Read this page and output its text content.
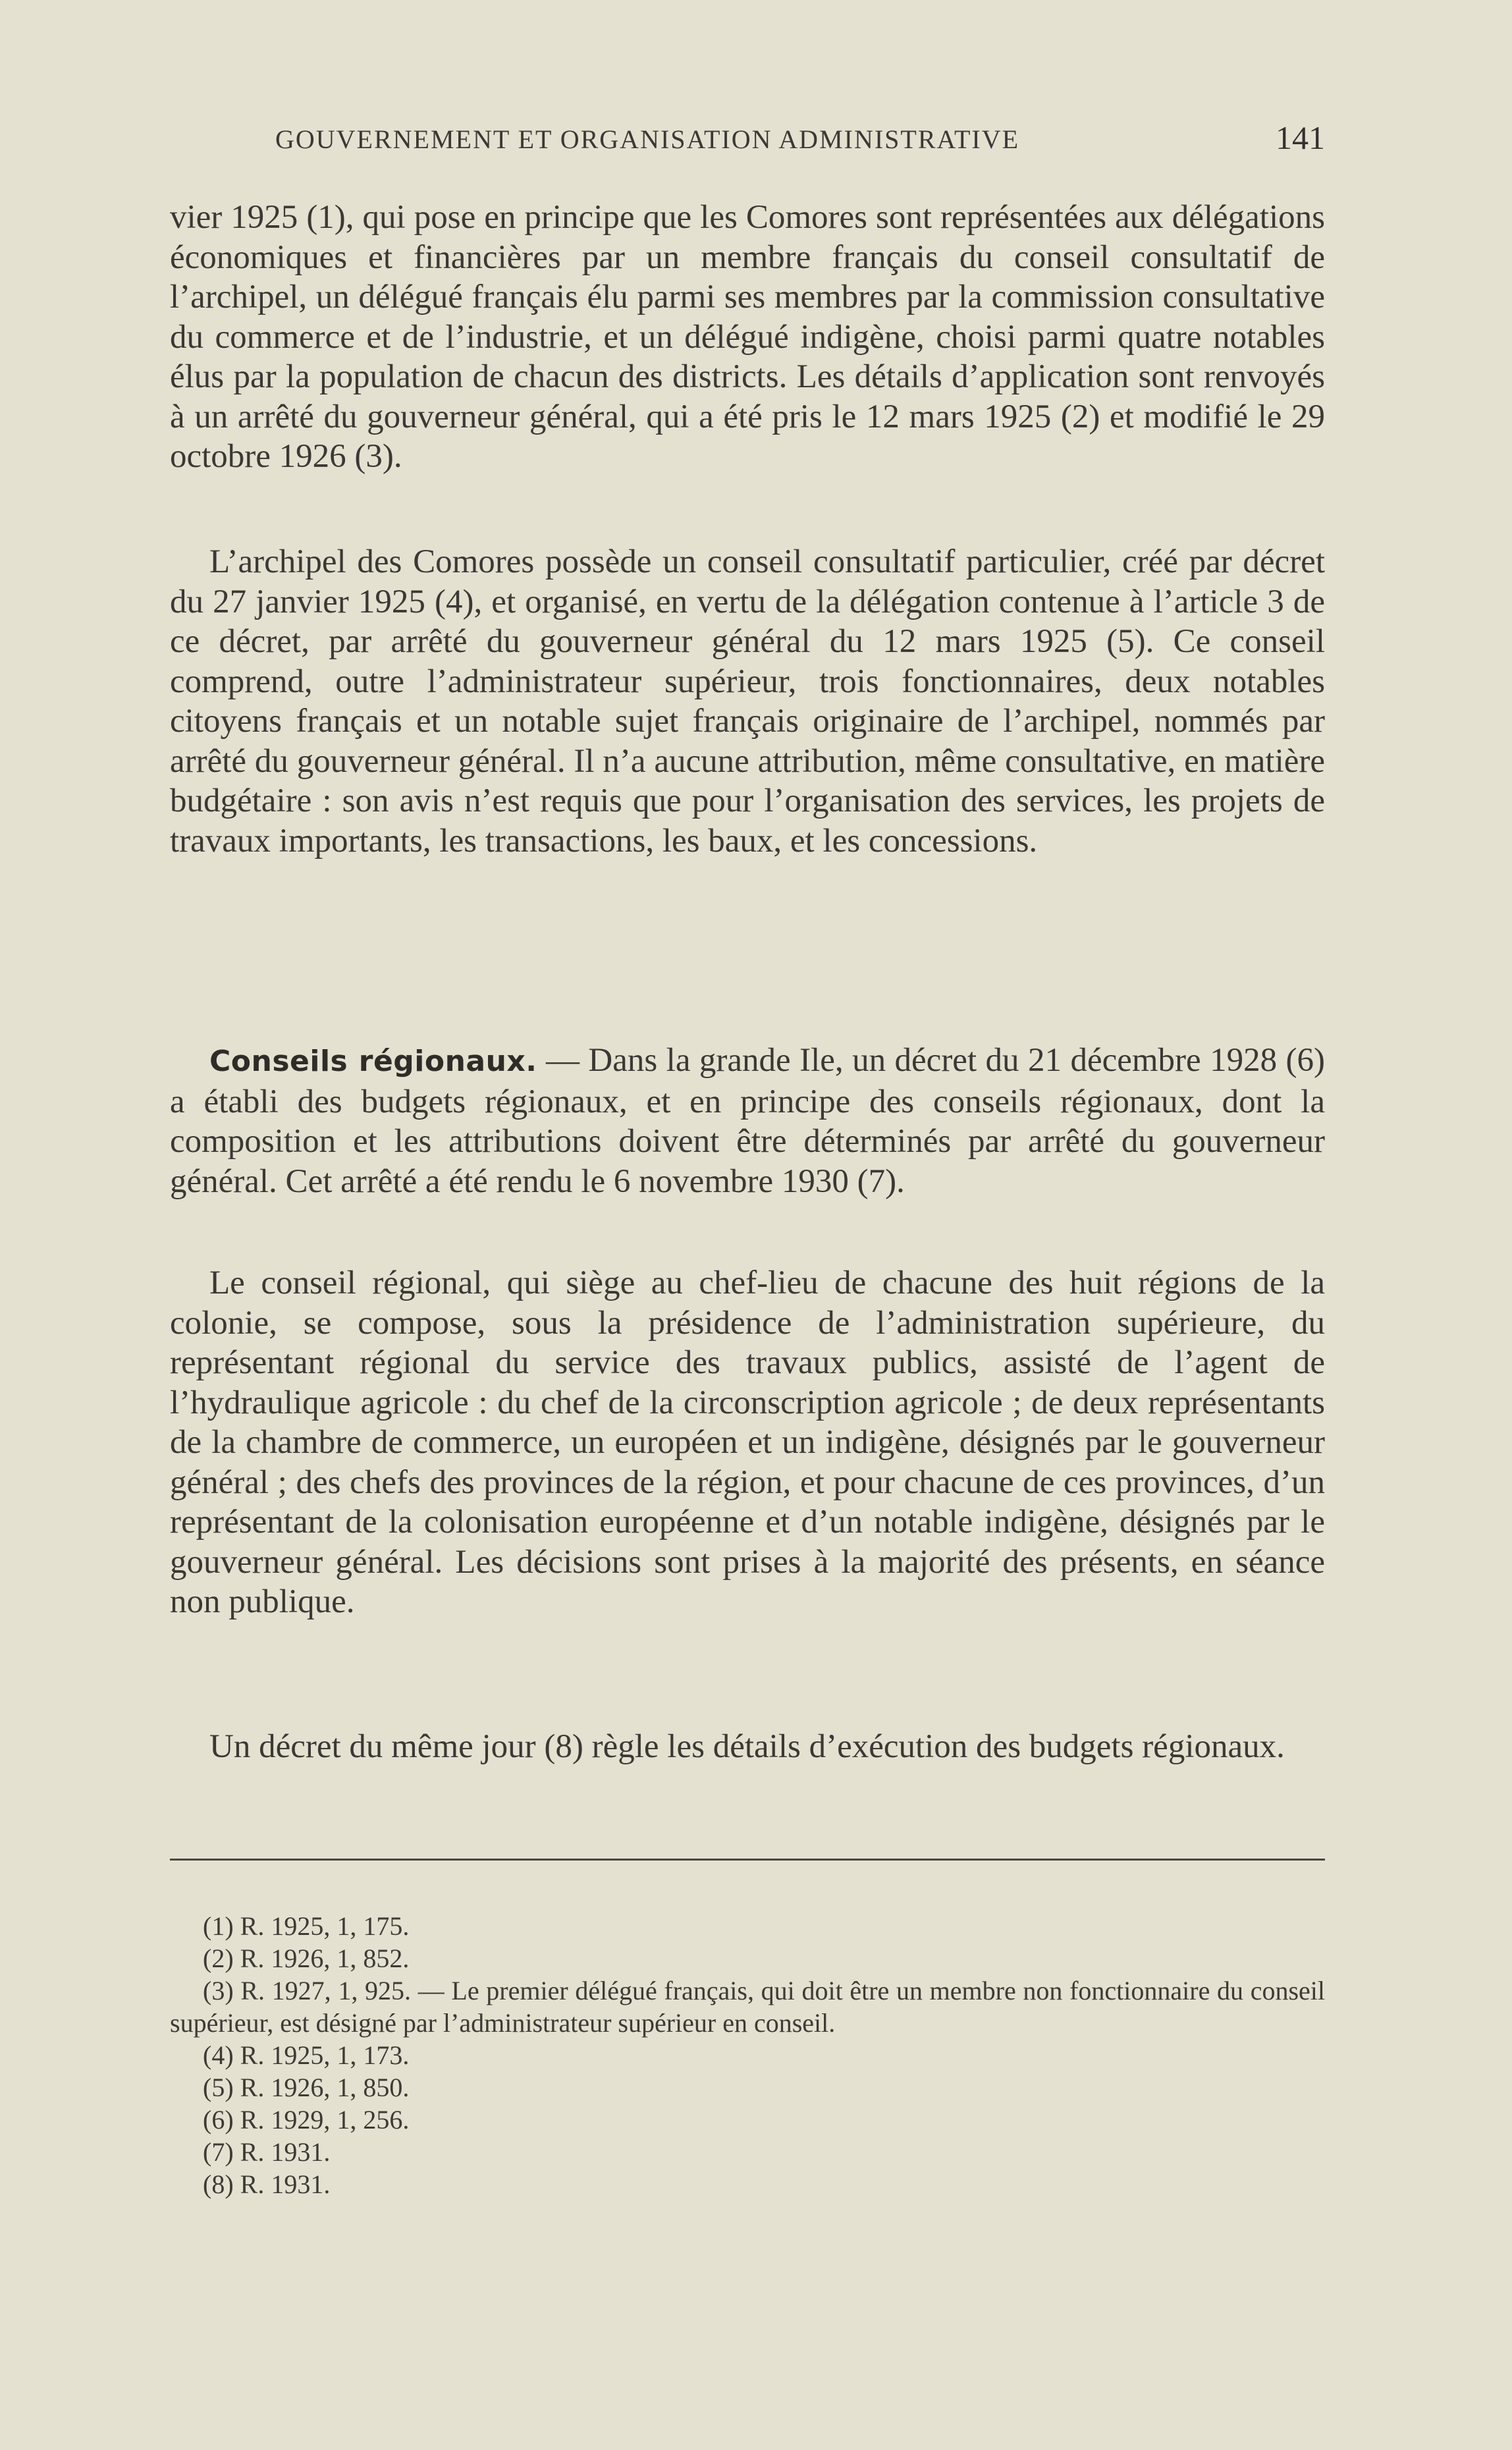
GOUVERNEMENT ET ORGANISATION ADMINISTRATIVE	141

vier 1925 (1), qui pose en principe que les Comores sont représentées aux délégations économiques et financières par un membre français du conseil consultatif de l’archipel, un délégué français élu parmi ses membres par la commission consultative du commerce et de l’industrie, et un délégué indigène, choisi parmi quatre notables élus par la population de chacun des districts. Les détails d’application sont renvoyés à un arrêté du gouverneur général, qui a été pris le 12 mars 1925 (2) et modifié le 29 octobre 1926 (3).

L’archipel des Comores possède un conseil consultatif particulier, créé par décret du 27 janvier 1925 (4), et organisé, en vertu de la délégation contenue à l’article 3 de ce décret, par arrêté du gouverneur général du 12 mars 1925 (5). Ce conseil comprend, outre l’administrateur supérieur, trois fonctionnaires, deux notables citoyens français et un notable sujet français originaire de l’archipel, nommés par arrêté du gouverneur général. Il n’a aucune attribution, même consultative, en matière budgétaire : son avis n’est requis que pour l’organisation des services, les projets de travaux importants, les transactions, les baux, et les concessions.

Conseils régionaux. — Dans la grande Ile, un décret du 21 décembre 1928 (6) a établi des budgets régionaux, et en principe des conseils régionaux, dont la composition et les attributions doivent être déterminés par arrêté du gouverneur général. Cet arrêté a été rendu le 6 novembre 1930 (7).

Le conseil régional, qui siège au chef-lieu de chacune des huit régions de la colonie, se compose, sous la présidence de l’administration supérieure, du représentant régional du service des travaux publics, assisté de l’agent de l’hydraulique agricole : du chef de la circonscription agricole ; de deux représentants de la chambre de commerce, un européen et un indigène, désignés par le gouverneur général ; des chefs des provinces de la région, et pour chacune de ces provinces, d’un représentant de la colonisation européenne et d’un notable indigène, désignés par le gouverneur général. Les décisions sont prises à la majorité des présents, en séance non publique.

Un décret du même jour (8) règle les détails d’exécution des budgets régionaux.

(1) R. 1925, 1, 175.

(2) R. 1926, 1, 852.

(3) R. 1927, 1, 925. — Le premier délégué français, qui doit être un membre non fonctionnaire du conseil supérieur, est désigné par l’administrateur supérieur en conseil.

(4) R. 1925, 1, 173.

(5) R. 1926, 1, 850.

(6) R. 1929, 1, 256.

(7) R. 1931.

(8) R. 1931.
